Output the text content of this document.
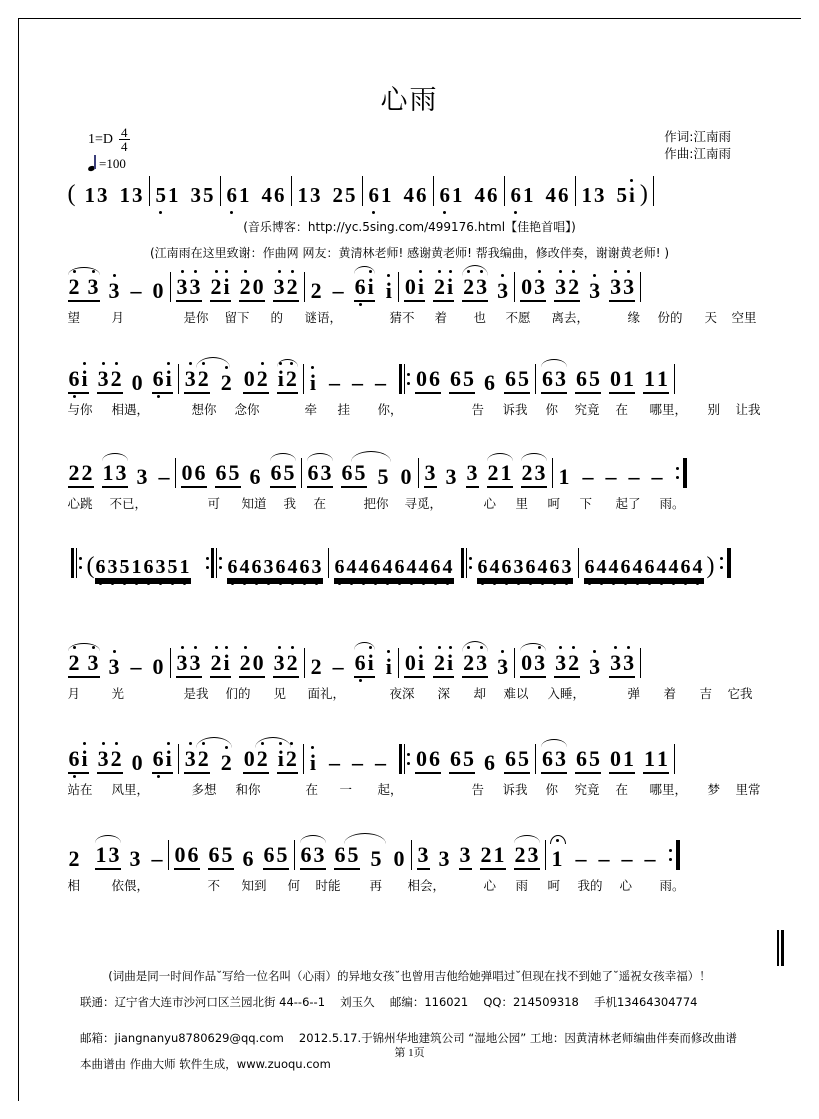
心雨
$1=D \frac{4}{4}$
=100
作词:江南雨
作曲:江南雨
( 1 3 1 3 5 1 3 5 6 1 4 6 1 3 2 5 6 1 4 6 6 1 4 6 6 1 4 6 1 3 5 i )
(音乐博客：http://yc.5sing.com/499176.html【佳艳首唱】)
(江南雨在这里致谢：作曲网 网友：黄清林老师! 感谢黄老师! 帮我编曲，修改伴奏，谢谢黄老师! )
2 3 3 – 0 3 3 2 i 2 0 3 2 2 – 6 i i 0 i 2 i 2 3 3 0 3 3 2 3 3 3
望	月	是你 留下 的 谜语，	猜不 着 也 不愿 离去，	缘 份的 天 空里
6 i 3 2 0 6 i 3 2 2 0 2 i 2 i – – – 0 6 6 5 6 6 5 6 3 6 5 0 1 1 1
与你 相遇，	想你 念你	牵 挂 你，	告 诉我 你 究竟 在 哪里， 别 让我
2 2 1 3 3 – 0 6 6 5 6 6 5 6 3 6 5 5 0 3 3 3 2 1 2 3 1 – – – –
心跳 不已，	可 知道 我 在	把你 寻觅，	心 里 呵 下 起了 雨。
( 6 3 5 1 6 3 5 1 6 4 6 3 6 4 6 3 6 4 4 6 4 6 4 4 6 4 6 4 6 3 6 4 6 3 6 4 4 6 4 6 4 4 6 4 )
2 3 3 – 0 3 3 2 i 2 0 3 2 2 – 6 i i 0 i 2 i 2 3 3 0 3 3 2 3 3 3
月	光	是我 们的 见 面礼，	夜深 深 却 难以 入睡，	弹 着 吉 它我
6 i 3 2 0 6 i 3 2 2 0 2 i 2 i – – – 0 6 6 5 6 6 5 6 3 6 5 0 1 1 1
站在 风里，	多想 和你	在 一 起，	告 诉我 你 究竟 在 哪里， 梦 里常
2 1 3 3 – 0 6 6 5 6 6 5 6 3 6 5 5 0 3 3 3 2 1 2 3 1 – – – –
相	依偎，	不 知到 何 时能 再 相会，	心 雨 呵 我的 心 雨。
(词曲是同一时间作品˘写给一位名叫（心雨）的异地女孩˘也曾用吉他给她弹唱过˘但现在找不到她了˘遥祝女孩幸福）！
联通：辽宁省大连市沙河口区兰园北街 44--6--1　 刘玉久　 邮编：116021　 QQ：214509318　 手机13464304774
邮箱：jiangnanyu8780629@qq.com　 2012.5.17.于锦州华地建筑公司 “湿地公园” 工地：因黄清林老师编曲伴奏而修改曲谱
第 1页
本曲谱由 作曲大师 软件生成，www.zuoqu.com
